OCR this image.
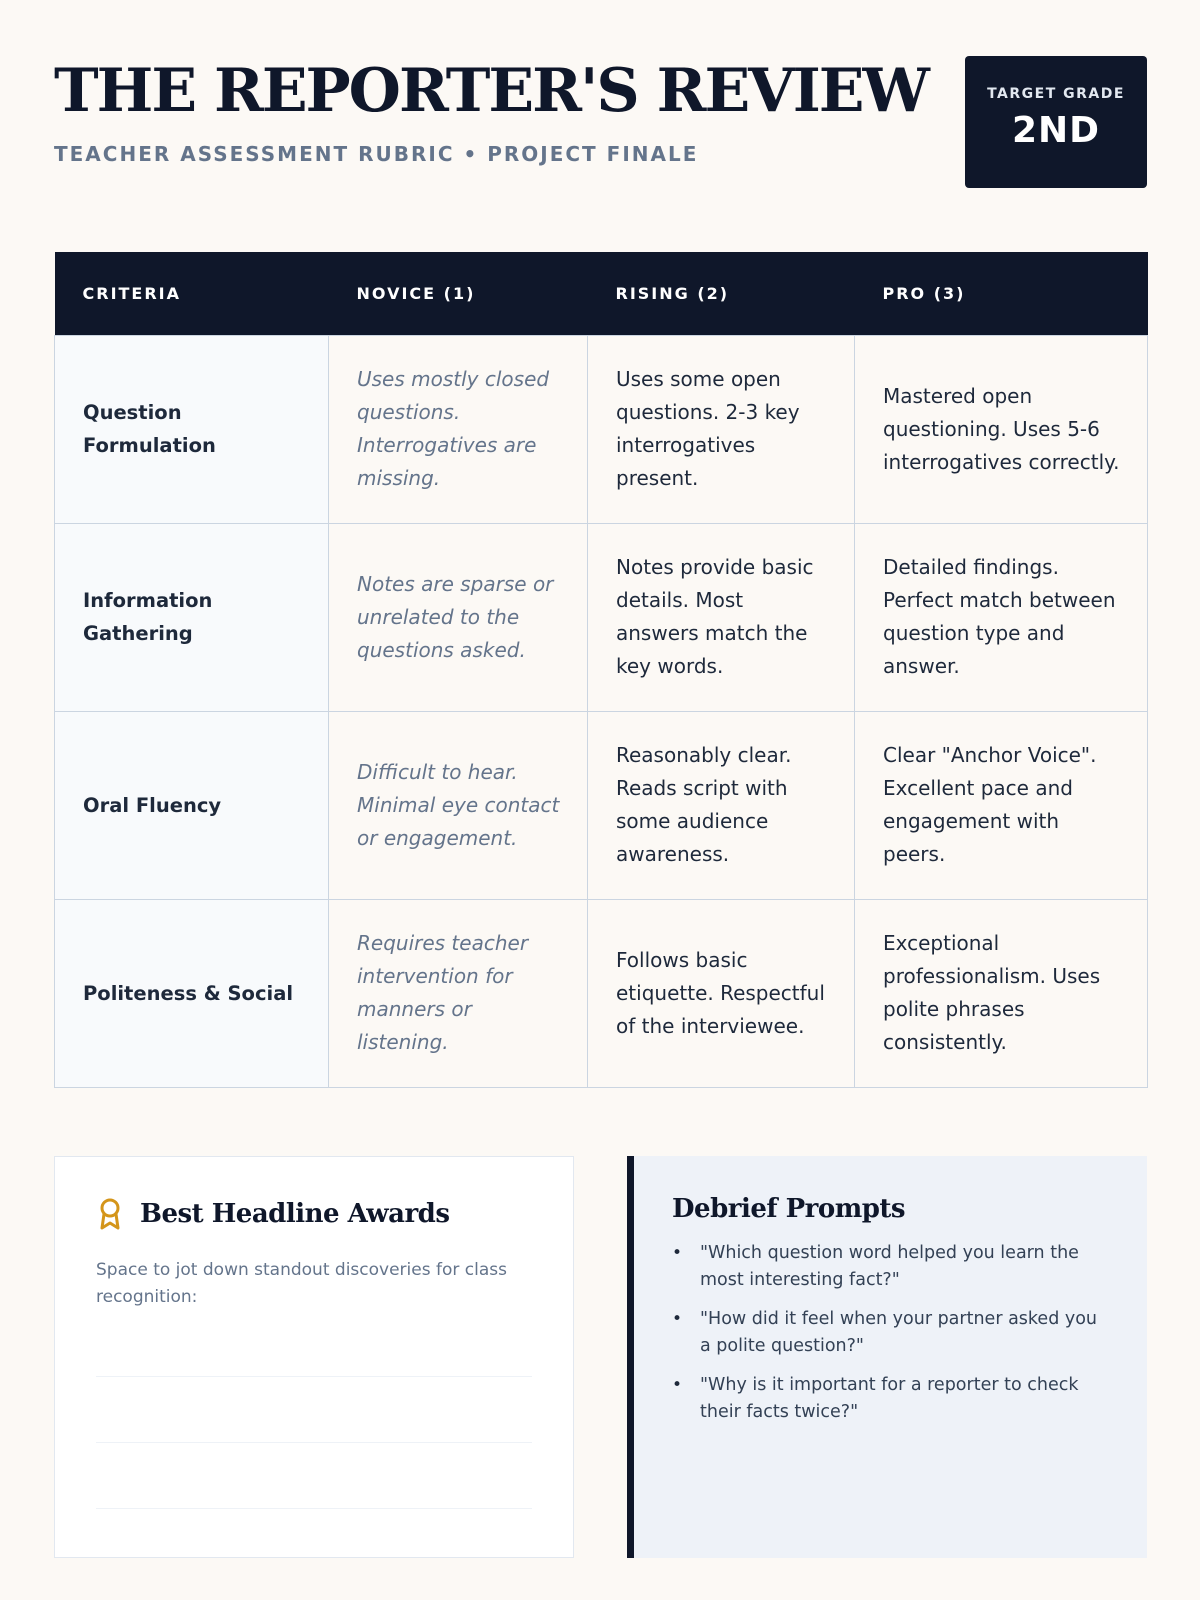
THE REPORTER'S REVIEW
TEACHER ASSESSMENT RUBRIC • PROJECT FINALE
TARGET GRADE
2ND
CRITERIA	NOVICE (1)	RISING (2)	PRO (3)
Question Formulation	Uses mostly closed questions. Interrogatives are missing.	Uses some open questions. 2-3 key interrogatives present.	Mastered open questioning. Uses 5-6 interrogatives correctly.
Information Gathering	Notes are sparse or unrelated to the questions asked.	Notes provide basic details. Most answers match the key words.	Detailed findings. Perfect match between question type and answer.
Oral Fluency	Difficult to hear. Minimal eye contact or engagement.	Reasonably clear. Reads script with some audience awareness.	Clear "Anchor Voice". Excellent pace and engagement with peers.
Politeness & Social	Requires teacher intervention for manners or listening.	Follows basic etiquette. Respectful of the interviewee.	Exceptional professionalism. Uses polite phrases consistently.
Best Headline Awards
Space to jot down standout discoveries for class recognition:
Debrief Prompts
• "Which question word helped you learn the most interesting fact?"
• "How did it feel when your partner asked you a polite question?"
• "Why is it important for a reporter to check their facts twice?"
